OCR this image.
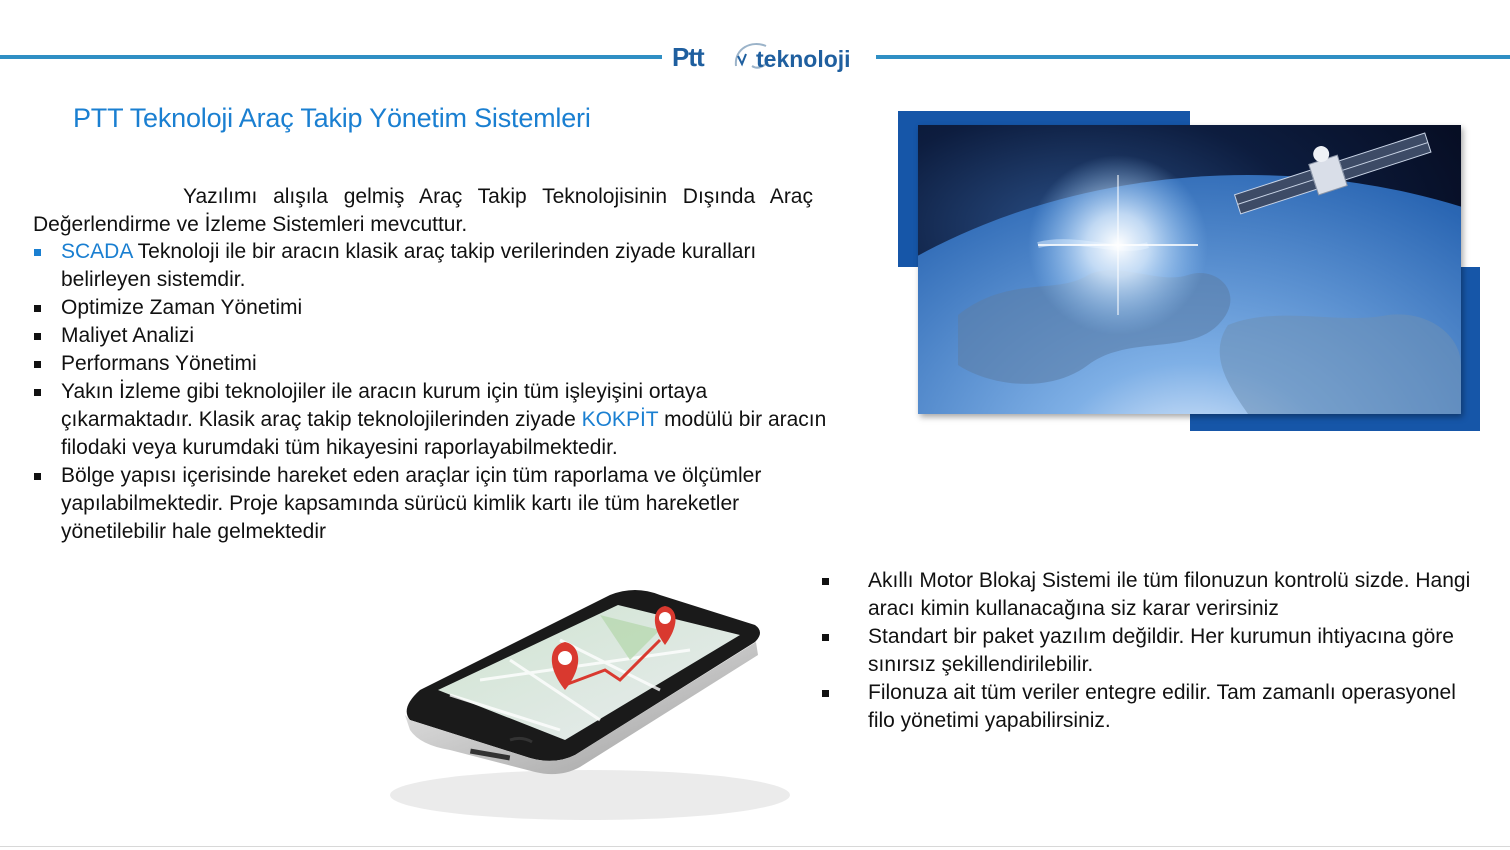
Ptt teknoloji
PTT Teknoloji Araç Takip Yönetim Sistemleri

Yazılımı alışıla gelmiş Araç Takip Teknolojisinin Dışında Araç Değerlendirme ve İzleme Sistemleri mevcuttur.

SCADA Teknoloji ile bir aracın klasik araç takip verilerinden ziyade kuralları belirleyen sistemdir.
Optimize Zaman Yönetimi
Maliyet Analizi
Performans Yönetimi
Yakın İzleme gibi teknolojiler ile aracın kurum için tüm işleyişini ortaya çıkarmaktadır. Klasik araç takip teknolojilerinden ziyade KOKPİT modülü bir aracın filodaki veya kurumdaki tüm hikayesini raporlayabilmektedir.
Bölge yapısı içerisinde hareket eden araçlar için tüm raporlama ve ölçümler yapılabilmektedir. Proje kapsamında sürücü kimlik kartı ile tüm hareketler yönetilebilir hale gelmektedir
Akıllı Motor Blokaj Sistemi ile tüm filonuzun kontrolü sizde. Hangi aracı kimin kullanacağına siz karar verirsiniz
Standart bir paket yazılım değildir. Her kurumun ihtiyacına göre sınırsız şekillendirilebilir.
Filonuza ait tüm veriler entegre edilir. Tam zamanlı operasyonel filo yönetimi yapabilirsiniz.
